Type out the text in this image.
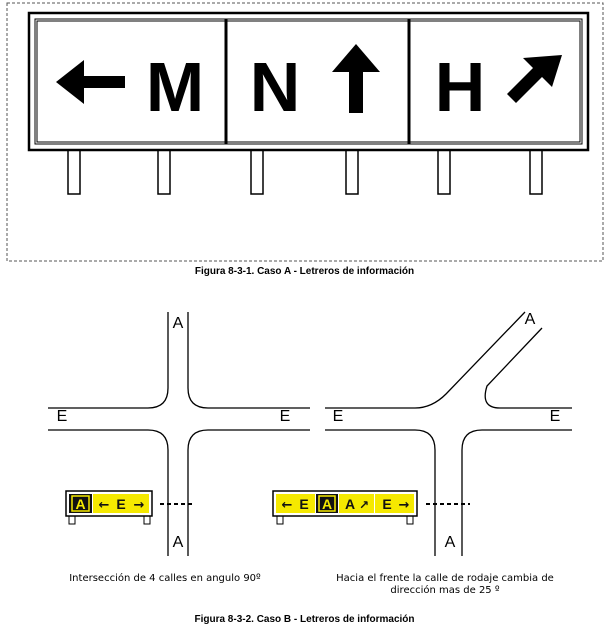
M N H
A
E	E
A
A ← E →
A
E	E
A
← E A A ↗ E →
Figura 8-3-1. Caso A - Letreros de información
Intersección de 4 calles en angulo 90º	Hacia el frente la calle de rodaje cambia de
dirección mas de 25 º
Figura 8-3-2. Caso B - Letreros de información
